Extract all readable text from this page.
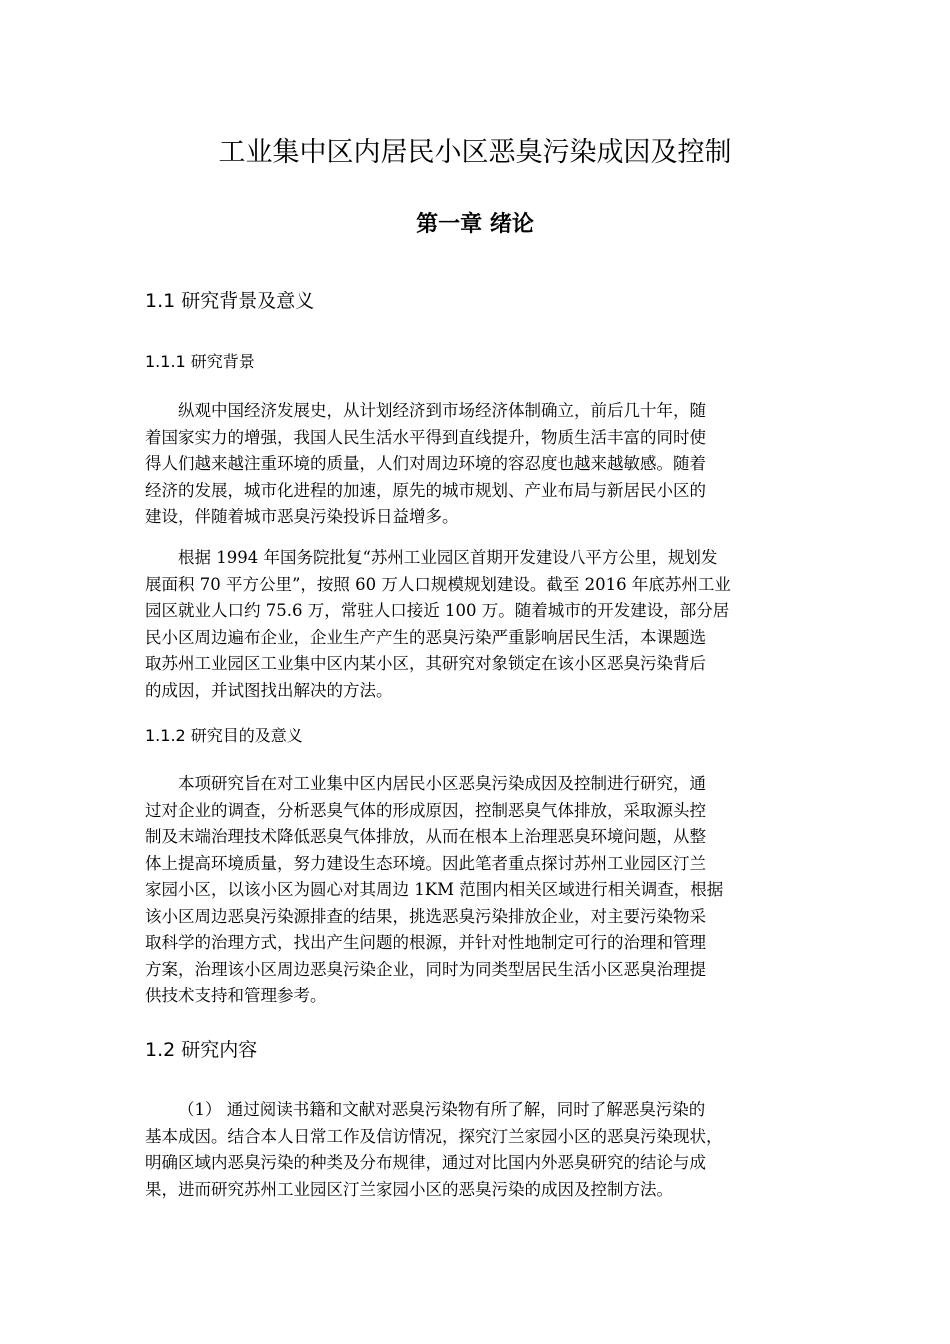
工业集中区内居民小区恶臭污染成因及控制
第一章 绪论
1.1 研究背景及意义
1.1.1 研究背景

纵观中国经济发展史，从计划经济到市场经济体制确立，前后几十年，随
着国家实力的增强，我国人民生活水平得到直线提升，物质生活丰富的同时使
得人们越来越注重环境的质量，人们对周边环境的容忍度也越来越敏感。随着
经济的发展，城市化进程的加速，原先的城市规划、产业布局与新居民小区的
建设，伴随着城市恶臭污染投诉日益增多。

根据 1994 年国务院批复“苏州工业园区首期开发建设八平方公里，规划发
展面积 70 平方公里”，按照 60 万人口规模规划建设。截至 2016 年底苏州工业
园区就业人口约 75.6 万，常驻人口接近 100 万。随着城市的开发建设，部分居
民小区周边遍布企业，企业生产产生的恶臭污染严重影响居民生活，本课题选
取苏州工业园区工业集中区内某小区，其研究对象锁定在该小区恶臭污染背后
的成因，并试图找出解决的方法。

1.1.2 研究目的及意义

本项研究旨在对工业集中区内居民小区恶臭污染成因及控制进行研究，通
过对企业的调查，分析恶臭气体的形成原因，控制恶臭气体排放，采取源头控
制及末端治理技术降低恶臭气体排放，从而在根本上治理恶臭环境问题，从整
体上提高环境质量，努力建设生态环境。因此笔者重点探讨苏州工业园区汀兰
家园小区，以该小区为圆心对其周边 1KM 范围内相关区域进行相关调查，根据
该小区周边恶臭污染源排查的结果，挑选恶臭污染排放企业，对主要污染物采
取科学的治理方式，找出产生问题的根源，并针对性地制定可行的治理和管理
方案，治理该小区周边恶臭污染企业，同时为同类型居民生活小区恶臭治理提
供技术支持和管理参考。

1.2 研究内容

（1） 通过阅读书籍和文献对恶臭污染物有所了解，同时了解恶臭污染的
基本成因。结合本人日常工作及信访情况，探究汀兰家园小区的恶臭污染现状，
明确区域内恶臭污染的种类及分布规律，通过对比国内外恶臭研究的结论与成
果，进而研究苏州工业园区汀兰家园小区的恶臭污染的成因及控制方法。
